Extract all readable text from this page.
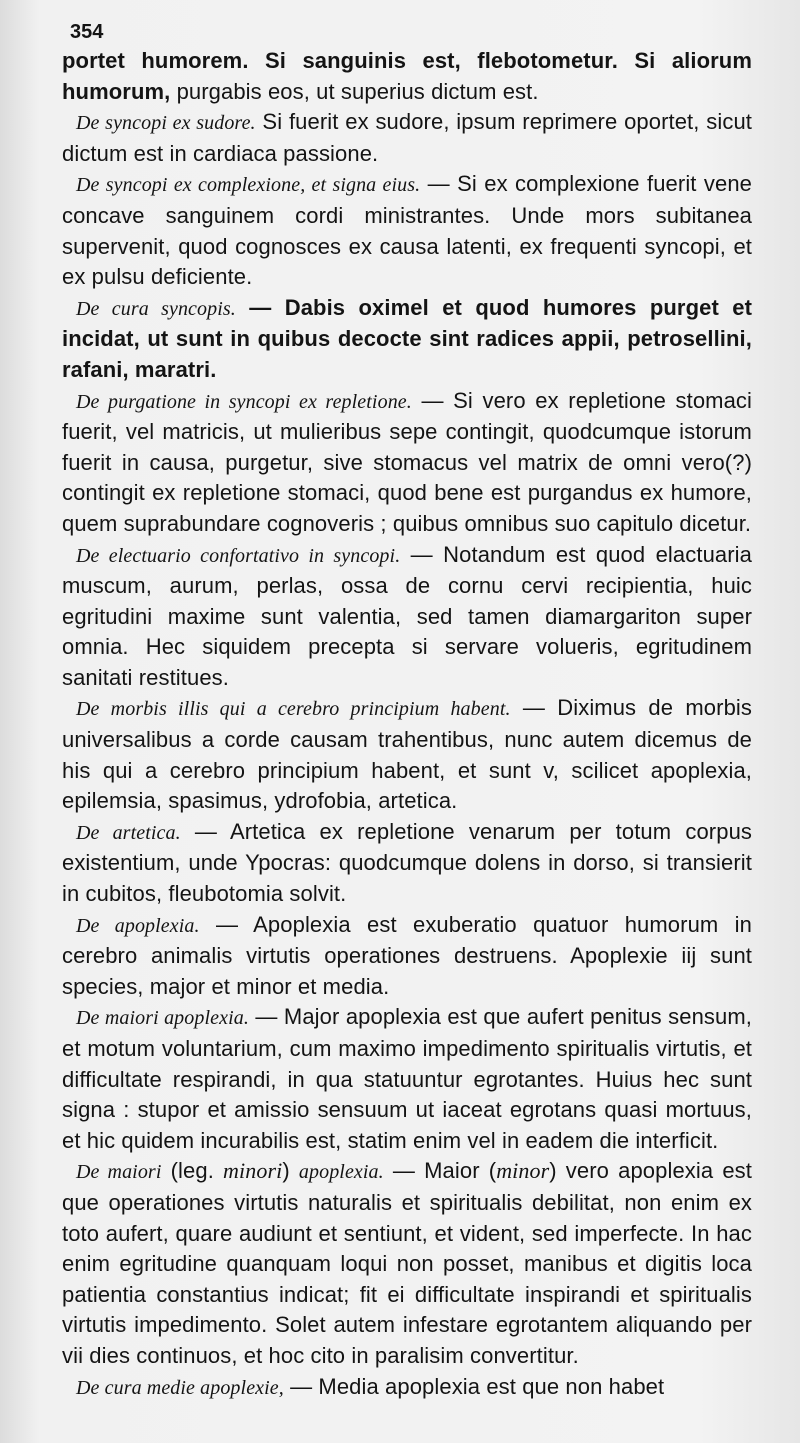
354
portet humorem. Si sanguinis est, flebotometur. Si aliorum humorum, purgabis eos, ut superius dictum est.
De syncopi ex sudore. Si fuerit ex sudore, ipsum reprimere oportet, sicut dictum est in cardiaca passione.
De syncopi ex complexione, et signa eius. — Si ex complexione fuerit vene concave sanguinem cordi ministrantes. Unde mors subitanea supervenit, quod cognosces ex causa latenti, ex frequenti syncopi, et ex pulsu deficiente.
De cura syncopis. — Dabis oximel et quod humores purget et incidat, ut sunt in quibus decocte sint radices appii, petrosellini, rafani, maratri.
De purgatione in syncopi ex repletione. — Si vero ex repletione stomaci fuerit, vel matricis, ut mulieribus sepe contingit, quodcumque istorum fuerit in causa, purgetur, sive stomacus vel matrix de omni vero(?) contingit ex repletione stomaci, quod bene est purgandus ex humore, quem suprabundare cognoveris ; quibus omnibus suo capitulo dicetur.
De electuario confortativo in syncopi. — Notandum est quod elactuaria muscum, aurum, perlas, ossa de cornu cervi recipientia, huic egritudini maxime sunt valentia, sed tamen diamargariton super omnia. Hec siquidem precepta si servare volueris, egritudinem sanitati restitues.
De morbis illis qui a cerebro principium habent. — Diximus de morbis universalibus a corde causam trahentibus, nunc autem dicemus de his qui a cerebro principium habent, et sunt v, scilicet apoplexia, epilemsia, spasimus, ydrofobia, artetica.
De artetica. — Artetica ex repletione venarum per totum corpus existentium, unde Ypocras: quodcumque dolens in dorso, si transierit in cubitos, fleubotomia solvit.
De apoplexia. — Apoplexia est exuberatio quatuor humorum in cerebro animalis virtutis operationes destruens. Apoplexie iij sunt species, major et minor et media.
De maiori apoplexia. — Major apoplexia est que aufert penitus sensum, et motum voluntarium, cum maximo impedimento spiritualis virtutis, et difficultate respirandi, in qua statuuntur egrotantes. Huius hec sunt signa : stupor et amissio sensuum ut iaceat egrotans quasi mortuus, et hic quidem incurabilis est, statim enim vel in eadem die interficit.
De maiori (leg. minori) apoplexia. — Maior (minor) vero apoplexia est que operationes virtutis naturalis et spiritualis debilitat, non enim ex toto aufert, quare audiunt et sentiunt, et vident, sed imperfecte. In hac enim egritudine quanquam loqui non posset, manibus et digitis loca patientia constantius indicat; fit ei difficultate inspirandi et spiritualis virtutis impedimento. Solet autem infestare egrotantem aliquando per vii dies continuos, et hoc cito in paralisim convertitur.
De cura medie apoplexie, — Media apoplexia est que non habet
